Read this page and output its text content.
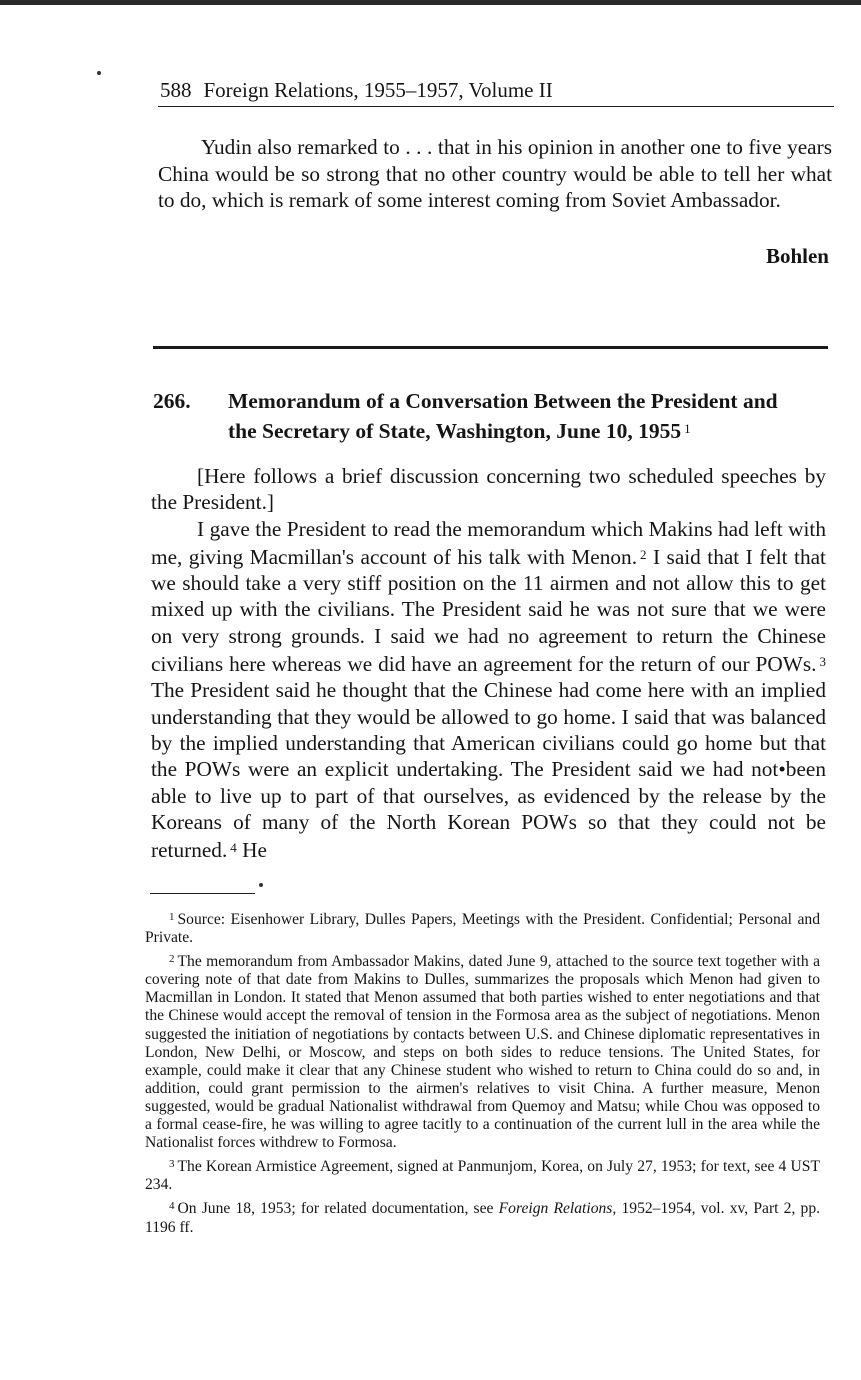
588 Foreign Relations, 1955–1957, Volume II

Yudin also remarked to . . . that in his opinion in another one to five years China would be so strong that no other country would be able to tell her what to do, which is remark of some interest coming from Soviet Ambassador.

Bohlen
266. Memorandum of a Conversation Between the President and the Secretary of State, Washington, June 10, 1955 $^1$

[Here follows a brief discussion concerning two scheduled speeches by the President.]

I gave the President to read the memorandum which Makins had left with me, giving Macmillan's account of his talk with Menon. $^2$ I said that I felt that we should take a very stiff position on the 11 airmen and not allow this to get mixed up with the civilians. The President said he was not sure that we were on very strong grounds. I said we had no agreement to return the Chinese civilians here whereas we did have an agreement for the return of our POWs. $^3$ The President said he thought that the Chinese had come here with an implied understanding that they would be allowed to go home. I said that was balanced by the implied understanding that American civilians could go home but that the POWs were an explicit undertaking. The President said we had not•been able to live up to part of that ourselves, as evidenced by the release by the Koreans of many of the North Korean POWs so that they could not be returned. $^4$ He

$^1$ Source: Eisenhower Library, Dulles Papers, Meetings with the President. Confidential; Personal and Private.

$^2$ The memorandum from Ambassador Makins, dated June 9, attached to the source text together with a covering note of that date from Makins to Dulles, summarizes the proposals which Menon had given to Macmillan in London. It stated that Menon assumed that both parties wished to enter negotiations and that the Chinese would accept the removal of tension in the Formosa area as the subject of negotiations. Menon suggested the initiation of negotiations by contacts between U.S. and Chinese diplomatic representatives in London, New Delhi, or Moscow, and steps on both sides to reduce tensions. The United States, for example, could make it clear that any Chinese student who wished to return to China could do so and, in addition, could grant permission to the airmen's relatives to visit China. A further measure, Menon suggested, would be gradual Nationalist withdrawal from Quemoy and Matsu; while Chou was opposed to a formal cease-fire, he was willing to agree tacitly to a continuation of the current lull in the area while the Nationalist forces withdrew to Formosa.

$^3$ The Korean Armistice Agreement, signed at Panmunjom, Korea, on July 27, 1953; for text, see 4 UST 234.

$^4$ On June 18, 1953; for related documentation, see Foreign Relations, 1952–1954, vol. xv, Part 2, pp. 1196 ff.
